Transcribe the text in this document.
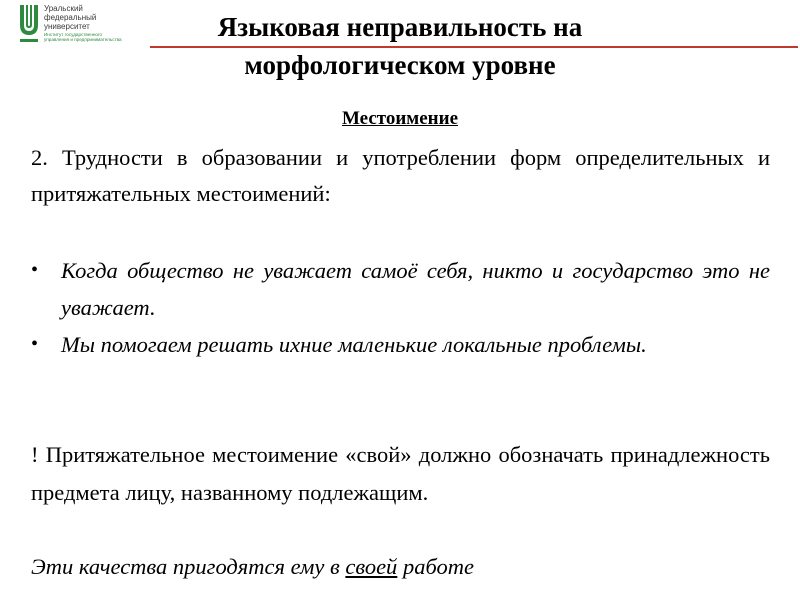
Уральский
федеральный
университет
Институт государственного
управления и предпринимательства	Языковая неправильность на морфологическом уровне
Местоимение
2. Трудности в образовании и употреблении форм определительных и притяжательных местоимений:
• Когда общество не уважает самоё себя, никто и государство это не уважает.
• Мы помогаем решать ихние маленькие локальные проблемы.
! Притяжательное местоимение «свой» должно обозначать принадлежность предмета лицу, названному подлежащим.
Эти качества пригодятся ему в своей работе
